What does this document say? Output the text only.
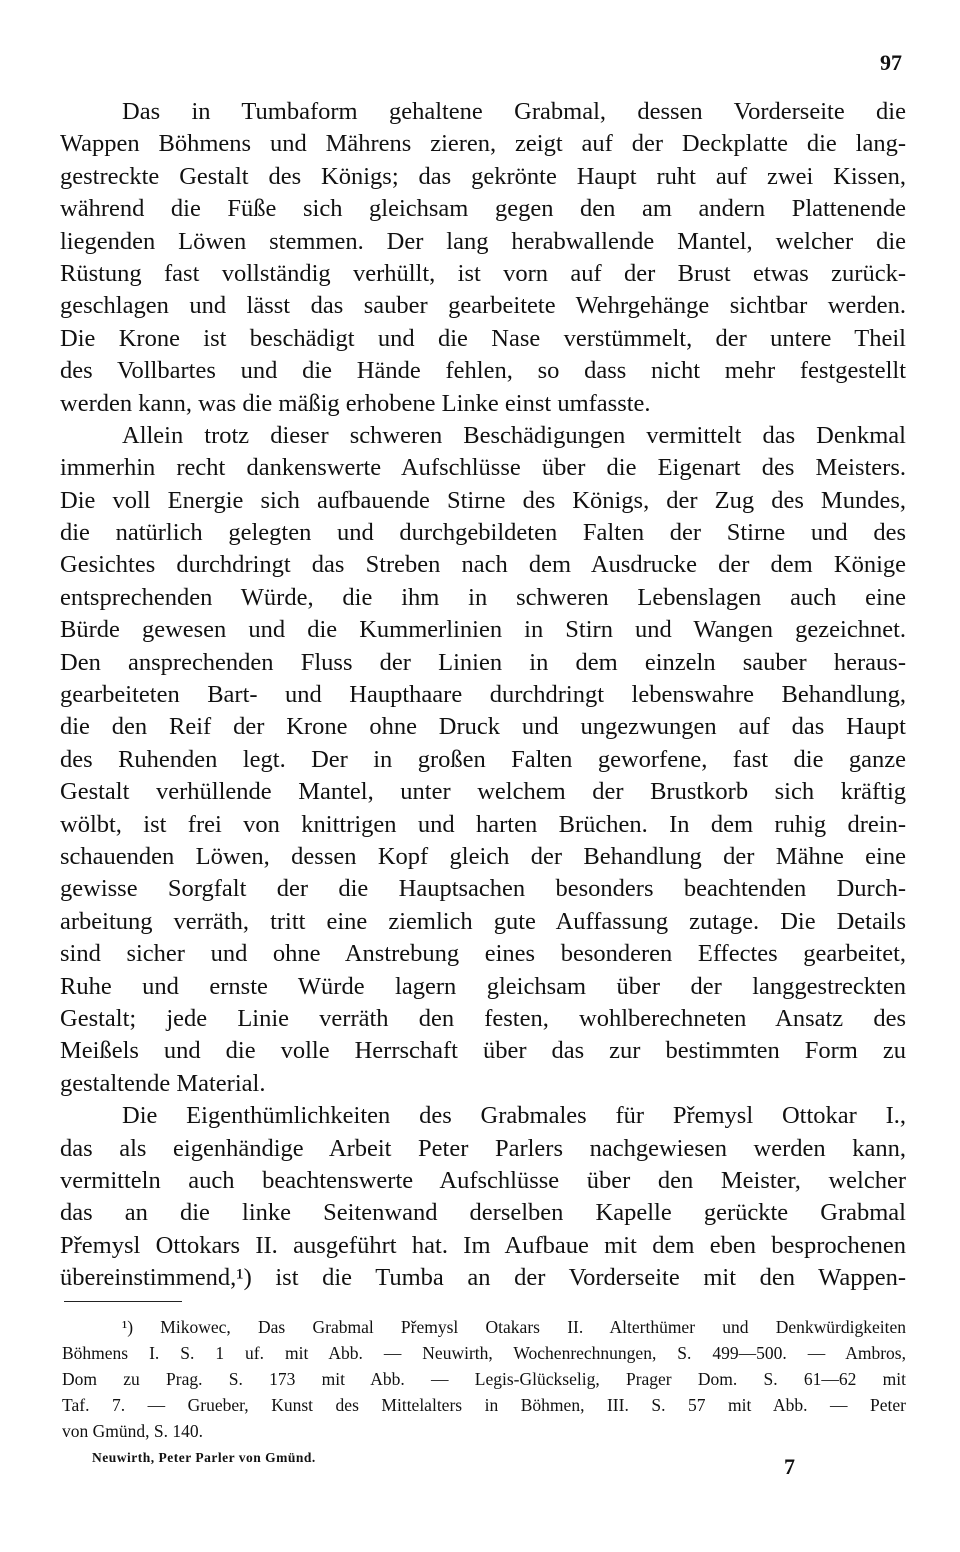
97
Das in Tumbaform gehaltene Grabmal, dessen Vorderseite die
Wappen Böhmens und Mährens zieren, zeigt auf der Deckplatte die lang-
gestreckte Gestalt des Königs; das gekrönte Haupt ruht auf zwei Kissen,
während die Füße sich gleichsam gegen den am andern Plattenende
liegenden Löwen stemmen. Der lang herabwallende Mantel, welcher die
Rüstung fast vollständig verhüllt, ist vorn auf der Brust etwas zurück-
geschlagen und lässt das sauber gearbeitete Wehrgehänge sichtbar werden.
Die Krone ist beschädigt und die Nase verstümmelt, der untere Theil
des Vollbartes und die Hände fehlen, so dass nicht mehr festgestellt
werden kann, was die mäßig erhobene Linke einst umfasste.
Allein trotz dieser schweren Beschädigungen vermittelt das Denkmal
immerhin recht dankenswerte Aufschlüsse über die Eigenart des Meisters.
Die voll Energie sich aufbauende Stirne des Königs, der Zug des Mundes,
die natürlich gelegten und durchgebildeten Falten der Stirne und des
Gesichtes durchdringt das Streben nach dem Ausdrucke der dem Könige
entsprechenden Würde, die ihm in schweren Lebenslagen auch eine
Bürde gewesen und die Kummerlinien in Stirn und Wangen gezeichnet.
Den ansprechenden Fluss der Linien in dem einzeln sauber heraus-
gearbeiteten Bart- und Haupthaare durchdringt lebenswahre Behandlung,
die den Reif der Krone ohne Druck und ungezwungen auf das Haupt
des Ruhenden legt. Der in großen Falten geworfene, fast die ganze
Gestalt verhüllende Mantel, unter welchem der Brustkorb sich kräftig
wölbt, ist frei von knittrigen und harten Brüchen. In dem ruhig drein-
schauenden Löwen, dessen Kopf gleich der Behandlung der Mähne eine
gewisse Sorgfalt der die Hauptsachen besonders beachtenden Durch-
arbeitung verräth, tritt eine ziemlich gute Auffassung zutage. Die Details
sind sicher und ohne Anstrebung eines besonderen Effectes gearbeitet,
Ruhe und ernste Würde lagern gleichsam über der langgestreckten
Gestalt; jede Linie verräth den festen, wohlberechneten Ansatz des
Meißels und die volle Herrschaft über das zur bestimmten Form zu
gestaltende Material.
Die Eigenthümlichkeiten des Grabmales für Přemysl Ottokar I.,
das als eigenhändige Arbeit Peter Parlers nachgewiesen werden kann,
vermitteln auch beachtenswerte Aufschlüsse über den Meister, welcher
das an die linke Seitenwand derselben Kapelle gerückte Grabmal
Přemysl Ottokars II. ausgeführt hat. Im Aufbaue mit dem eben besprochenen
übereinstimmend,¹) ist die Tumba an der Vorderseite mit den Wappen-
¹) Mikowec, Das Grabmal Přemysl Otakars II. Alterthümer und Denkwürdigkeiten
Böhmens I. S. 1 uf. mit Abb. — Neuwirth, Wochenrechnungen, S. 499—500. — Ambros,
Dom zu Prag. S. 173 mit Abb. — Legis-Glückselig, Prager Dom. S. 61—62 mit
Taf. 7. — Grueber, Kunst des Mittelalters in Böhmen, III. S. 57 mit Abb. — Peter
von Gmünd, S. 140.
Neuwirth, Peter Parler von Gmünd.	7
